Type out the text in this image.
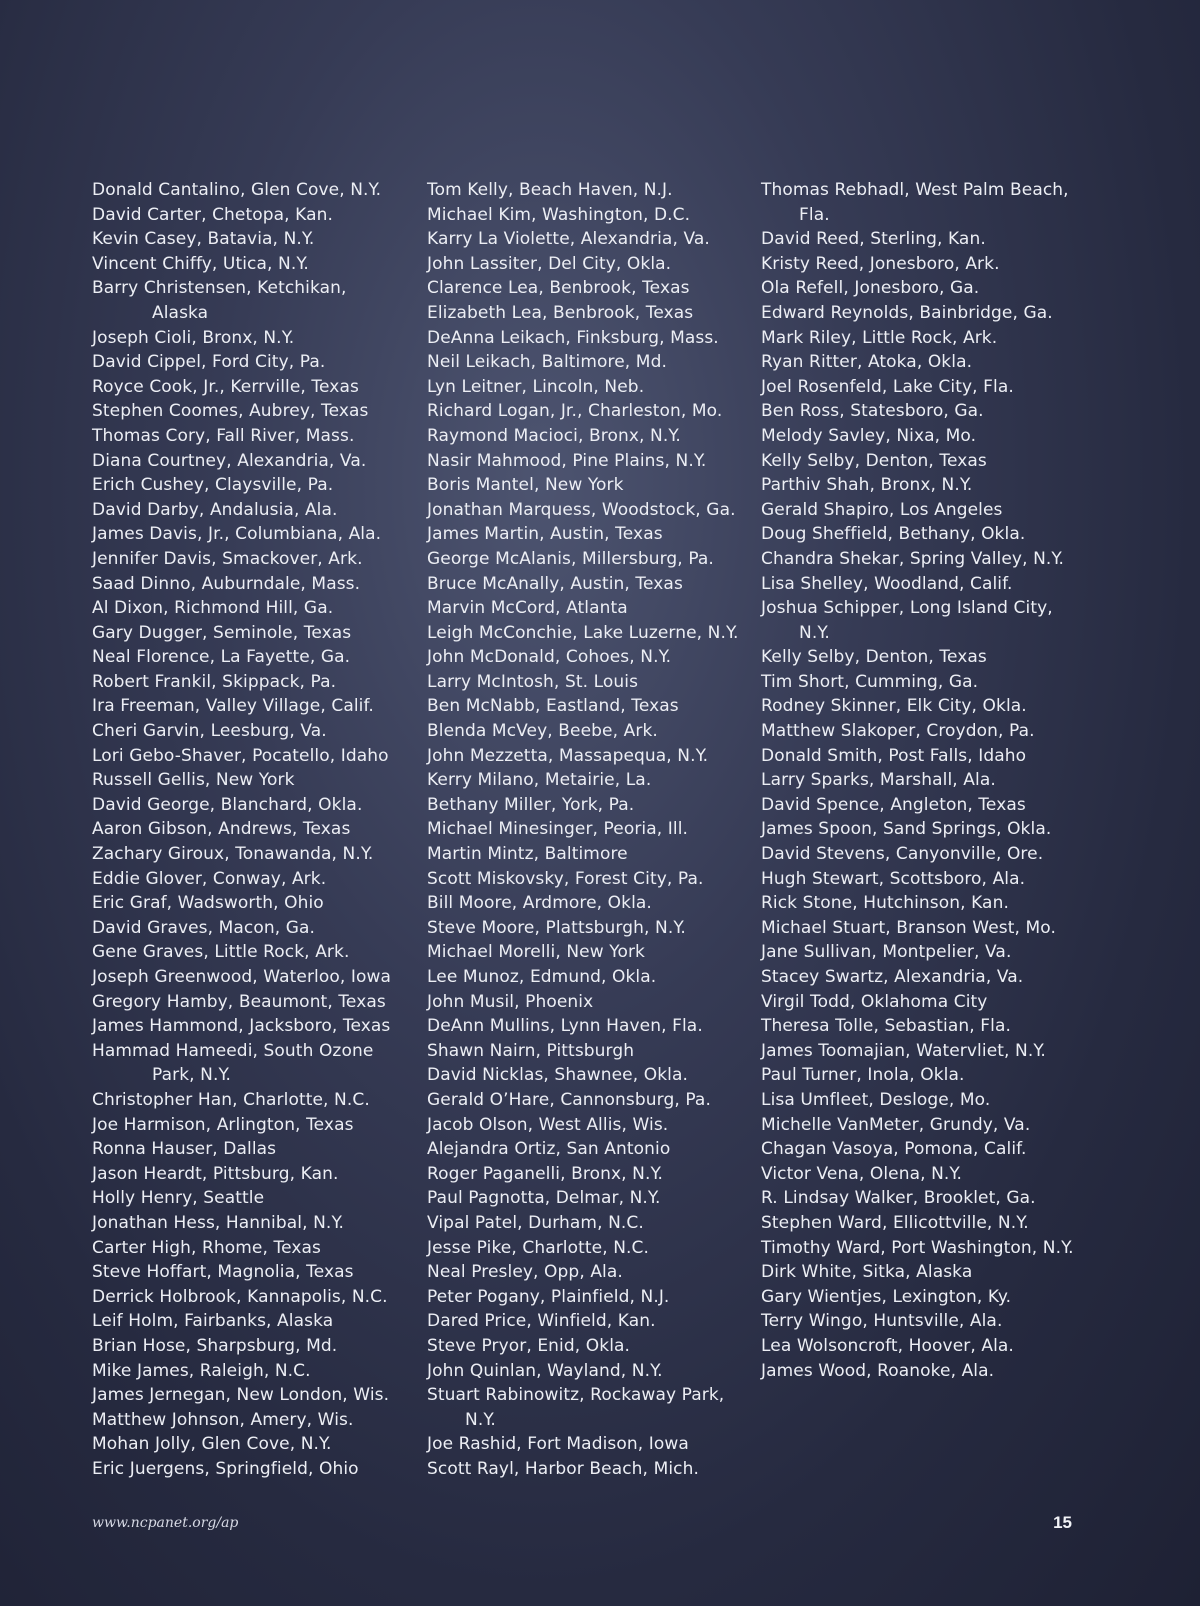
Donald Cantalino, Glen Cove, N.Y.
David Carter, Chetopa, Kan.
Kevin Casey, Batavia, N.Y.
Vincent Chiffy, Utica, N.Y.
Barry Christensen, Ketchikan,
Alaska
Joseph Cioli, Bronx, N.Y.
David Cippel, Ford City, Pa.
Royce Cook, Jr., Kerrville, Texas
Stephen Coomes, Aubrey, Texas
Thomas Cory, Fall River, Mass.
Diana Courtney, Alexandria, Va.
Erich Cushey, Claysville, Pa.
David Darby, Andalusia, Ala.
James Davis, Jr., Columbiana, Ala.
Jennifer Davis, Smackover, Ark.
Saad Dinno, Auburndale, Mass.
Al Dixon, Richmond Hill, Ga.
Gary Dugger, Seminole, Texas
Neal Florence, La Fayette, Ga.
Robert Frankil, Skippack, Pa.
Ira Freeman, Valley Village, Calif.
Cheri Garvin, Leesburg, Va.
Lori Gebo-Shaver, Pocatello, Idaho
Russell Gellis, New York
David George, Blanchard, Okla.
Aaron Gibson, Andrews, Texas
Zachary Giroux, Tonawanda, N.Y.
Eddie Glover, Conway, Ark.
Eric Graf, Wadsworth, Ohio
David Graves, Macon, Ga.
Gene Graves, Little Rock, Ark.
Joseph Greenwood, Waterloo, Iowa
Gregory Hamby, Beaumont, Texas
James Hammond, Jacksboro, Texas
Hammad Hameedi, South Ozone
Park, N.Y.
Christopher Han, Charlotte, N.C.
Joe Harmison, Arlington, Texas
Ronna Hauser, Dallas
Jason Heardt, Pittsburg, Kan.
Holly Henry, Seattle
Jonathan Hess, Hannibal, N.Y.
Carter High, Rhome, Texas
Steve Hoffart, Magnolia, Texas
Derrick Holbrook, Kannapolis, N.C.
Leif Holm, Fairbanks, Alaska
Brian Hose, Sharpsburg, Md.
Mike James, Raleigh, N.C.
James Jernegan, New London, Wis.
Matthew Johnson, Amery, Wis.
Mohan Jolly, Glen Cove, N.Y.
Eric Juergens, Springfield, Ohio
Tom Kelly, Beach Haven, N.J.
Michael Kim, Washington, D.C.
Karry La Violette, Alexandria, Va.
John Lassiter, Del City, Okla.
Clarence Lea, Benbrook, Texas
Elizabeth Lea, Benbrook, Texas
DeAnna Leikach, Finksburg, Mass.
Neil Leikach, Baltimore, Md.
Lyn Leitner, Lincoln, Neb.
Richard Logan, Jr., Charleston, Mo.
Raymond Macioci, Bronx, N.Y.
Nasir Mahmood, Pine Plains, N.Y.
Boris Mantel, New York
Jonathan Marquess, Woodstock, Ga.
James Martin, Austin, Texas
George McAlanis, Millersburg, Pa.
Bruce McAnally, Austin, Texas
Marvin McCord, Atlanta
Leigh McConchie, Lake Luzerne, N.Y.
John McDonald, Cohoes, N.Y.
Larry McIntosh, St. Louis
Ben McNabb, Eastland, Texas
Blenda McVey, Beebe, Ark.
John Mezzetta, Massapequa, N.Y.
Kerry Milano, Metairie, La.
Bethany Miller, York, Pa.
Michael Minesinger, Peoria, Ill.
Martin Mintz, Baltimore
Scott Miskovsky, Forest City, Pa.
Bill Moore, Ardmore, Okla.
Steve Moore, Plattsburgh, N.Y.
Michael Morelli, New York
Lee Munoz, Edmund, Okla.
John Musil, Phoenix
DeAnn Mullins, Lynn Haven, Fla.
Shawn Nairn, Pittsburgh
David Nicklas, Shawnee, Okla.
Gerald O’Hare, Cannonsburg, Pa.
Jacob Olson, West Allis, Wis.
Alejandra Ortiz, San Antonio
Roger Paganelli, Bronx, N.Y.
Paul Pagnotta, Delmar, N.Y.
Vipal Patel, Durham, N.C.
Jesse Pike, Charlotte, N.C.
Neal Presley, Opp, Ala.
Peter Pogany, Plainfield, N.J.
Dared Price, Winfield, Kan.
Steve Pryor, Enid, Okla.
John Quinlan, Wayland, N.Y.
Stuart Rabinowitz, Rockaway Park,
N.Y.
Joe Rashid, Fort Madison, Iowa
Scott Rayl, Harbor Beach, Mich.
Thomas Rebhadl, West Palm Beach,
Fla.
David Reed, Sterling, Kan.
Kristy Reed, Jonesboro, Ark.
Ola Refell, Jonesboro, Ga.
Edward Reynolds, Bainbridge, Ga.
Mark Riley, Little Rock, Ark.
Ryan Ritter, Atoka, Okla.
Joel Rosenfeld, Lake City, Fla.
Ben Ross, Statesboro, Ga.
Melody Savley, Nixa, Mo.
Kelly Selby, Denton, Texas
Parthiv Shah, Bronx, N.Y.
Gerald Shapiro, Los Angeles
Doug Sheffield, Bethany, Okla.
Chandra Shekar, Spring Valley, N.Y.
Lisa Shelley, Woodland, Calif.
Joshua Schipper, Long Island City,
N.Y.
Kelly Selby, Denton, Texas
Tim Short, Cumming, Ga.
Rodney Skinner, Elk City, Okla.
Matthew Slakoper, Croydon, Pa.
Donald Smith, Post Falls, Idaho
Larry Sparks, Marshall, Ala.
David Spence, Angleton, Texas
James Spoon, Sand Springs, Okla.
David Stevens, Canyonville, Ore.
Hugh Stewart, Scottsboro, Ala.
Rick Stone, Hutchinson, Kan.
Michael Stuart, Branson West, Mo.
Jane Sullivan, Montpelier, Va.
Stacey Swartz, Alexandria, Va.
Virgil Todd, Oklahoma City
Theresa Tolle, Sebastian, Fla.
James Toomajian, Watervliet, N.Y.
Paul Turner, Inola, Okla.
Lisa Umfleet, Desloge, Mo.
Michelle VanMeter, Grundy, Va.
Chagan Vasoya, Pomona, Calif.
Victor Vena, Olena, N.Y.
R. Lindsay Walker, Brooklet, Ga.
Stephen Ward, Ellicottville, N.Y.
Timothy Ward, Port Washington, N.Y.
Dirk White, Sitka, Alaska
Gary Wientjes, Lexington, Ky.
Terry Wingo, Huntsville, Ala.
Lea Wolsoncroft, Hoover, Ala.
James Wood, Roanoke, Ala.
www.ncpanet.org/ap	15
